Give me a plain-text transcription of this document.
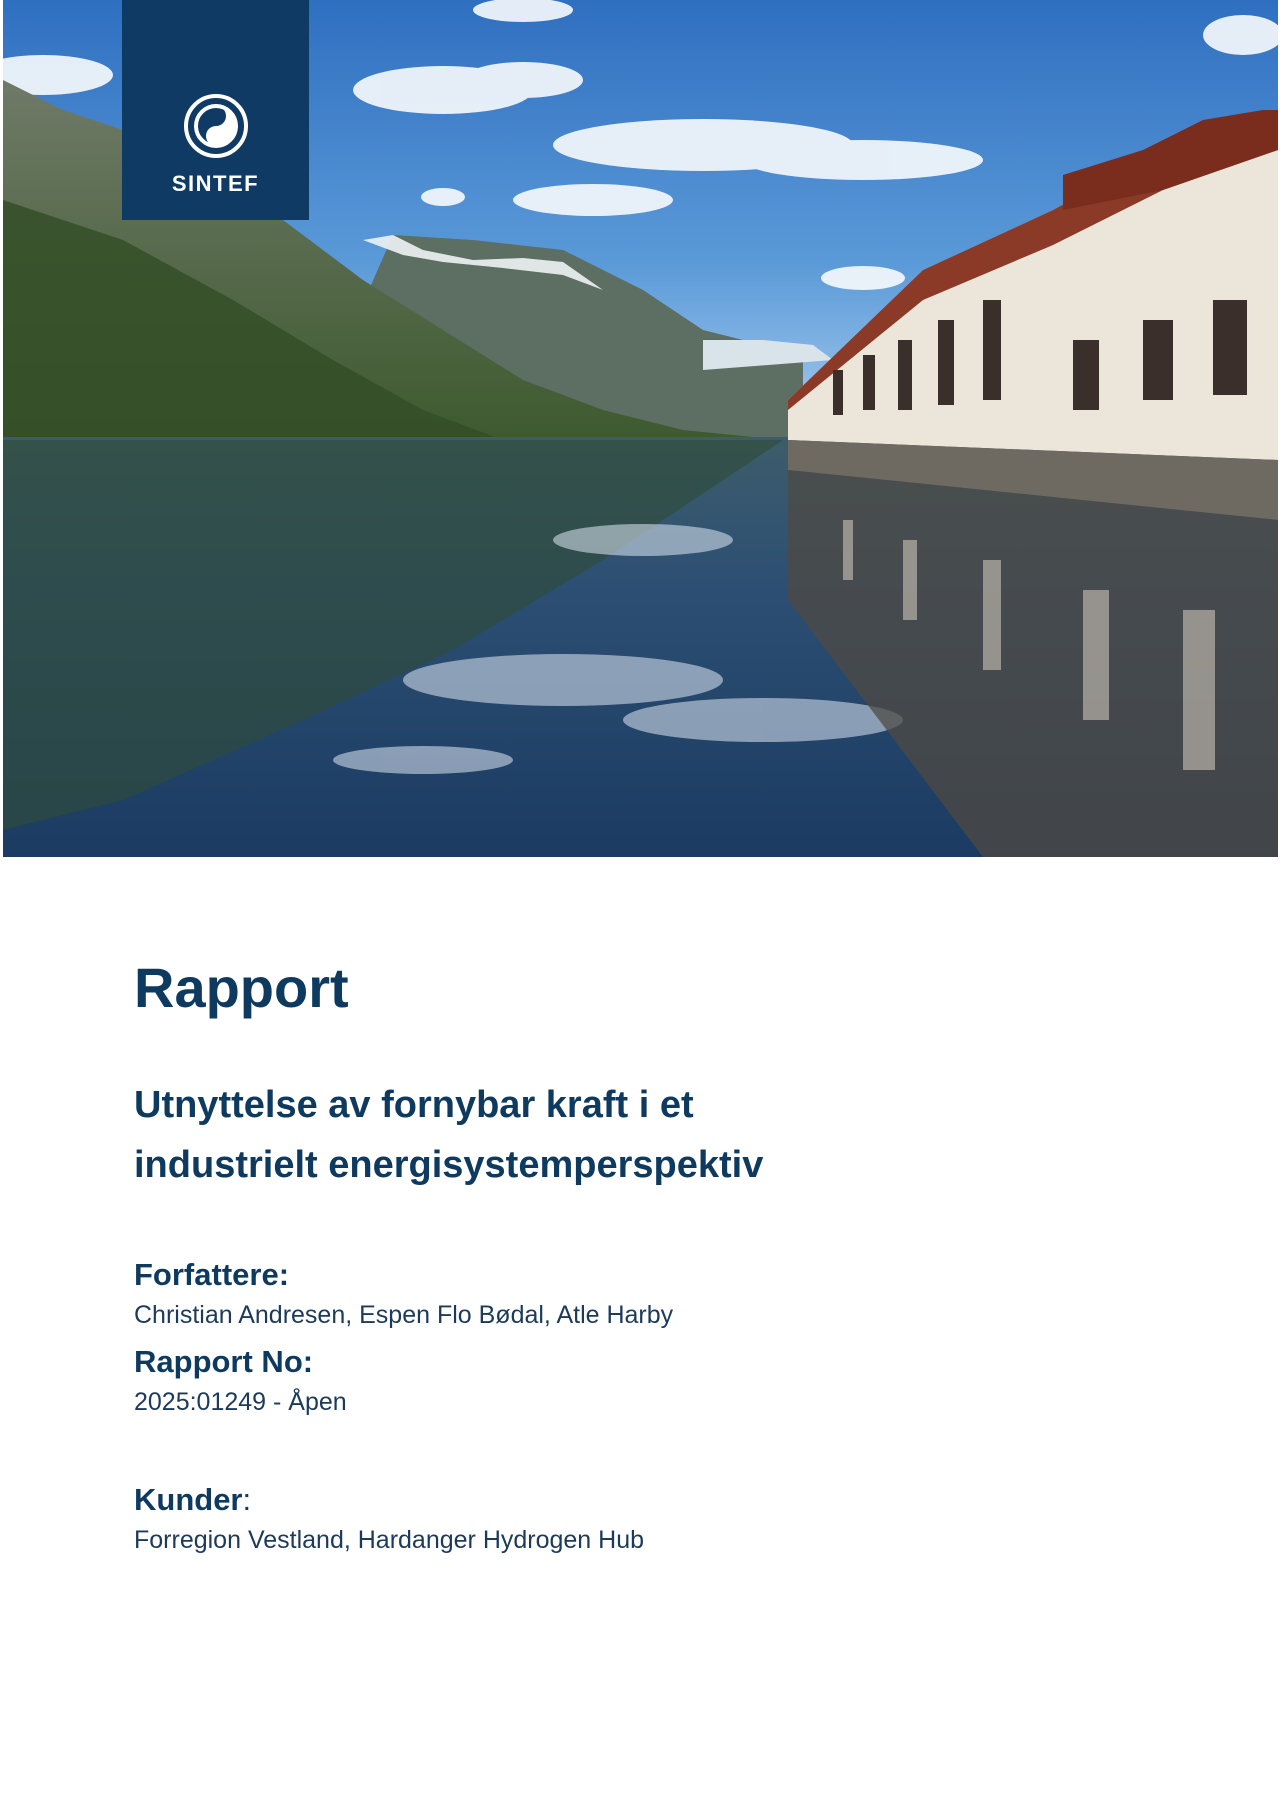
SINTEF
Rapport
Utnyttelse av fornybar kraft i et
industrielt energisystemperspektiv
Forfattere:
Christian Andresen, Espen Flo Bødal, Atle Harby
Rapport No:
2025:01249 - Åpen
Kunder:
Forregion Vestland, Hardanger Hydrogen Hub
